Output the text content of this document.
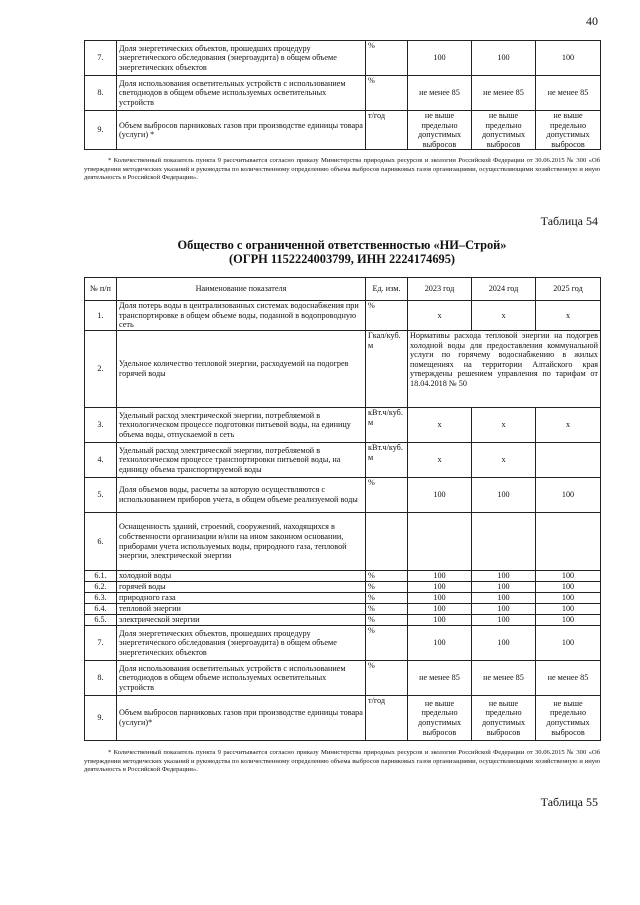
40
7.	Доля энергетических объектов, прошедших процедуру энергетического обследования (энергоаудита) в общем объеме энергетических объектов	%	100	100	100
8.	Доля использования осветительных устройств с использованием светодиодов в общем объеме используемых осветительных устройств	%	не менее 85	не менее 85	не менее 85
9.	Объем выбросов парниковых газов при производстве единицы товара (услуги) *	т/год	не выше предельно допустимых выбросов	не выше предельно допустимых выбросов	не выше предельно допустимых выбросов
* Количественный показатель пункта 9 рассчитывается согласно приказу Министерства природных ресурсов и экологии Российской Федерации от 30.06.2015 № 300 «Об утверждении методических указаний и руководства по количественному определению объема выбросов парниковых газов организациями, осуществляющими хозяйственную и иную деятельность в Российской Федерации».
Таблица 54
Общество с ограниченной ответственностью «НИ–Строй»
(ОГРН 1152224003799, ИНН 2224174695)
№ п/п	Наименование показателя	Ед. изм.	2023 год	2024 год	2025 год
1.	Доля потерь воды в централизованных системах водоснабжения при транспортировке в общем объеме воды, поданной в водопроводную сеть	%	х	х	х
2.	Удельное количество тепловой энергии, расходуемой на подогрев горячей воды	Гкал/куб. м	Нормативы расхода тепловой энергии на подогрев холодной воды для предоставления коммунальной услуги по горячему водоснабжению в жилых помещениях на территории Алтайского края утверждены решением управления по тарифам от 18.04.2018 № 50		
3.	Удельный расход электрической энергии, потребляемой в технологическом процессе подготовки питьевой воды, на единицу объема воды, отпускаемой в сеть	кВт.ч/куб. м	х	х	х
4.	Удельный расход электрической энергии, потребляемой в технологическом процессе транспортировки питьевой воды, на единицу объема транспортируемой воды	кВт.ч/куб. м	х	х	
5.	Доля объемов воды, расчеты за которую осуществляются с использованием приборов учета, в общем объеме реализуемой воды	%	100	100	100
6.	Оснащенность зданий, строений, сооружений, находящихся в собственности организации и/или на ином законном основании, приборами учета используемых воды, природного газа, тепловой энергии, электрической энергии				
6.1.	холодной воды	%	100	100	100
6.2.	горячей воды	%	100	100	100
6.3.	природного газа	%	100	100	100
6.4.	тепловой энергии	%	100	100	100
6.5.	электрической энергии	%	100	100	100
7.	Доля энергетических объектов, прошедших процедуру энергетического обследования (энергоаудита) в общем объеме энергетических объектов	%	100	100	100
8.	Доля использования осветительных устройств с использованием светодиодов в общем объеме используемых осветительных устройств	%	не менее 85	не менее 85	не менее 85
9.	Объем выбросов парниковых газов при производстве единицы товара (услуги)*	т/год	не выше предельно допустимых выбросов	не выше предельно допустимых выбросов	не выше предельно допустимых выбросов
* Количественный показатель пункта 9 рассчитывается согласно приказу Министерства природных ресурсов и экологии Российской Федерации от 30.06.2015 № 300 «Об утверждении методических указаний и руководства по количественному определению объема выбросов парниковых газов организациями, осуществляющими хозяйственную и иную деятельность в Российской Федерации».
Таблица 55
